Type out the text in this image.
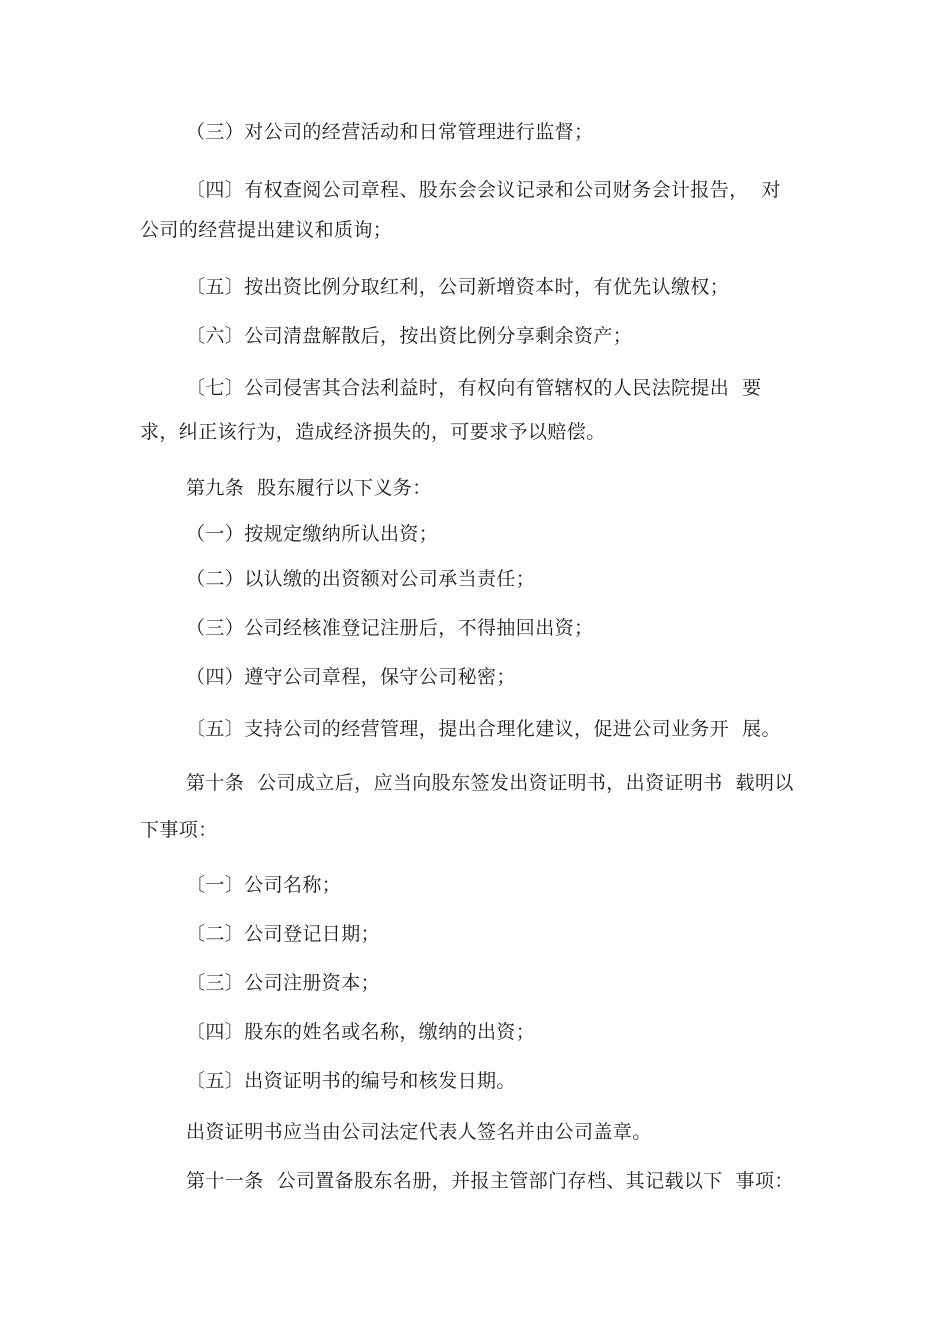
（三）对公司的经营活动和日常管理进行监督；
〔四〕有权查阅公司章程、股东会会议记录和公司财务会计报告，  对
公司的经营提出建议和质询；
〔五〕按出资比例分取红利，公司新增资本时，有优先认缴权；
〔六〕公司清盘解散后，按出资比例分享剩余资产；
〔七〕公司侵害其合法利益时，有权向有管辖权的人民法院提出  要
求，纠正该行为，造成经济损失的，可要求予以赔偿。
第九条  股东履行以下义务：
（一）按规定缴纳所认出资；
（二）以认缴的出资额对公司承当责任；
（三）公司经核准登记注册后，不得抽回出资；
（四）遵守公司章程，保守公司秘密；
〔五〕支持公司的经营管理，提出合理化建议，促进公司业务开  展。
第十条  公司成立后，应当向股东签发出资证明书，出资证明书  载明以
下事项：
〔一〕公司名称；
〔二〕公司登记日期；
〔三〕公司注册资本；
〔四〕股东的姓名或名称，缴纳的出资；
〔五〕出资证明书的编号和核发日期。
出资证明书应当由公司法定代表人签名并由公司盖章。
第十一条  公司置备股东名册，并报主管部门存档、其记载以下  事项：
